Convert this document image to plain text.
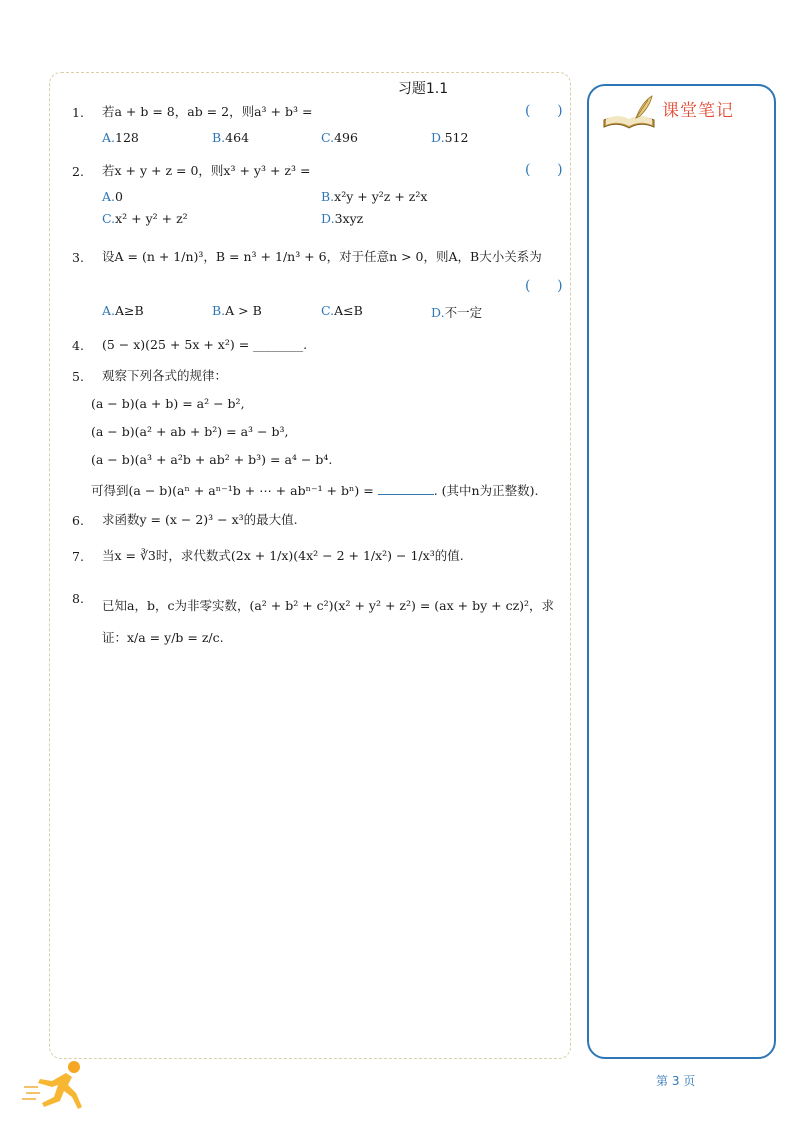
习题1.1
1. 若a + b = 8，ab = 2，则a³ + b³ =	(      )
A.128	B.464	C.496	D.512
2. 若x + y + z = 0，则x³ + y³ + z³ =	(      )
A.0	B.x²y + y²z + z²x
C.x² + y² + z²	D.3xyz
3. 设A = (n + 1/n)³，B = n³ + 1/n³ + 6，对于任意n > 0，则A，B大小关系为
(      )
A.A≥B	B.A > B	C.A≤B	D.不一定
4. (5 − x)(25 + 5x + x²) = ________.
5. 观察下列各式的规律：
(a − b)(a + b) = a² − b²,
(a − b)(a² + ab + b²) = a³ − b³,
(a − b)(a³ + a²b + ab² + b³) = a⁴ − b⁴.
可得到(a − b)(aⁿ + aⁿ⁻¹b + ⋯ + abⁿ⁻¹ + bⁿ) =	. (其中n为正整数).
6. 求函数y = (x − 2)³ − x³的最大值.
7. 当x = ∛3时，求代数式(2x + 1/x)(4x² − 2 + 1/x²) − 1/x³的值.
8. 已知a，b，c为非零实数，(a² + b² + c²)(x² + y² + z²) = (ax + by + cz)²，求证：x/a = y/b = z/c.
课堂笔记
第 3 页
